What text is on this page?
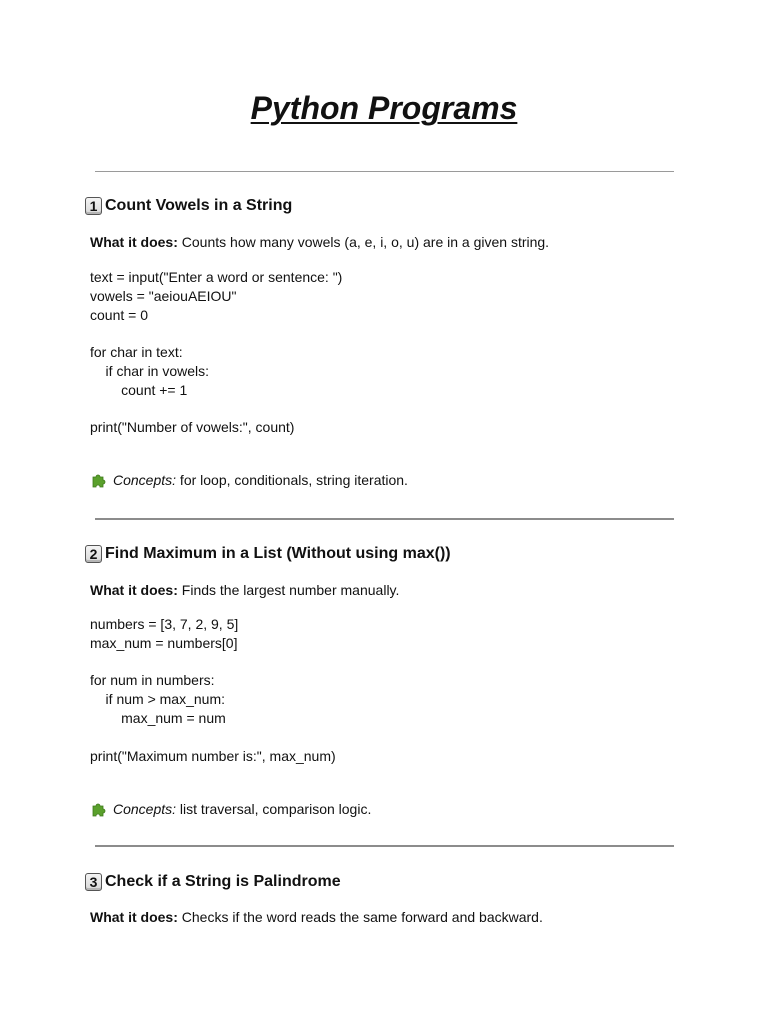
Python Programs
1 Count Vowels in a String

What it does: Counts how many vowels (a, e, i, o, u) are in a given string.

text = input("Enter a word or sentence: ")
vowels = "aeiouAEIOU"
count = 0
for char in text:
if char in vowels:
count += 1
print("Number of vowels:", count)

Concepts: for loop, conditionals, string iteration.

2 Find Maximum in a List (Without using max())

What it does: Finds the largest number manually.

numbers = [3, 7, 2, 9, 5]
max_num = numbers[0]
for num in numbers:
if num > max_num:
max_num = num
print("Maximum number is:", max_num)

Concepts: list traversal, comparison logic.

3 Check if a String is Palindrome

What it does: Checks if the word reads the same forward and backward.
